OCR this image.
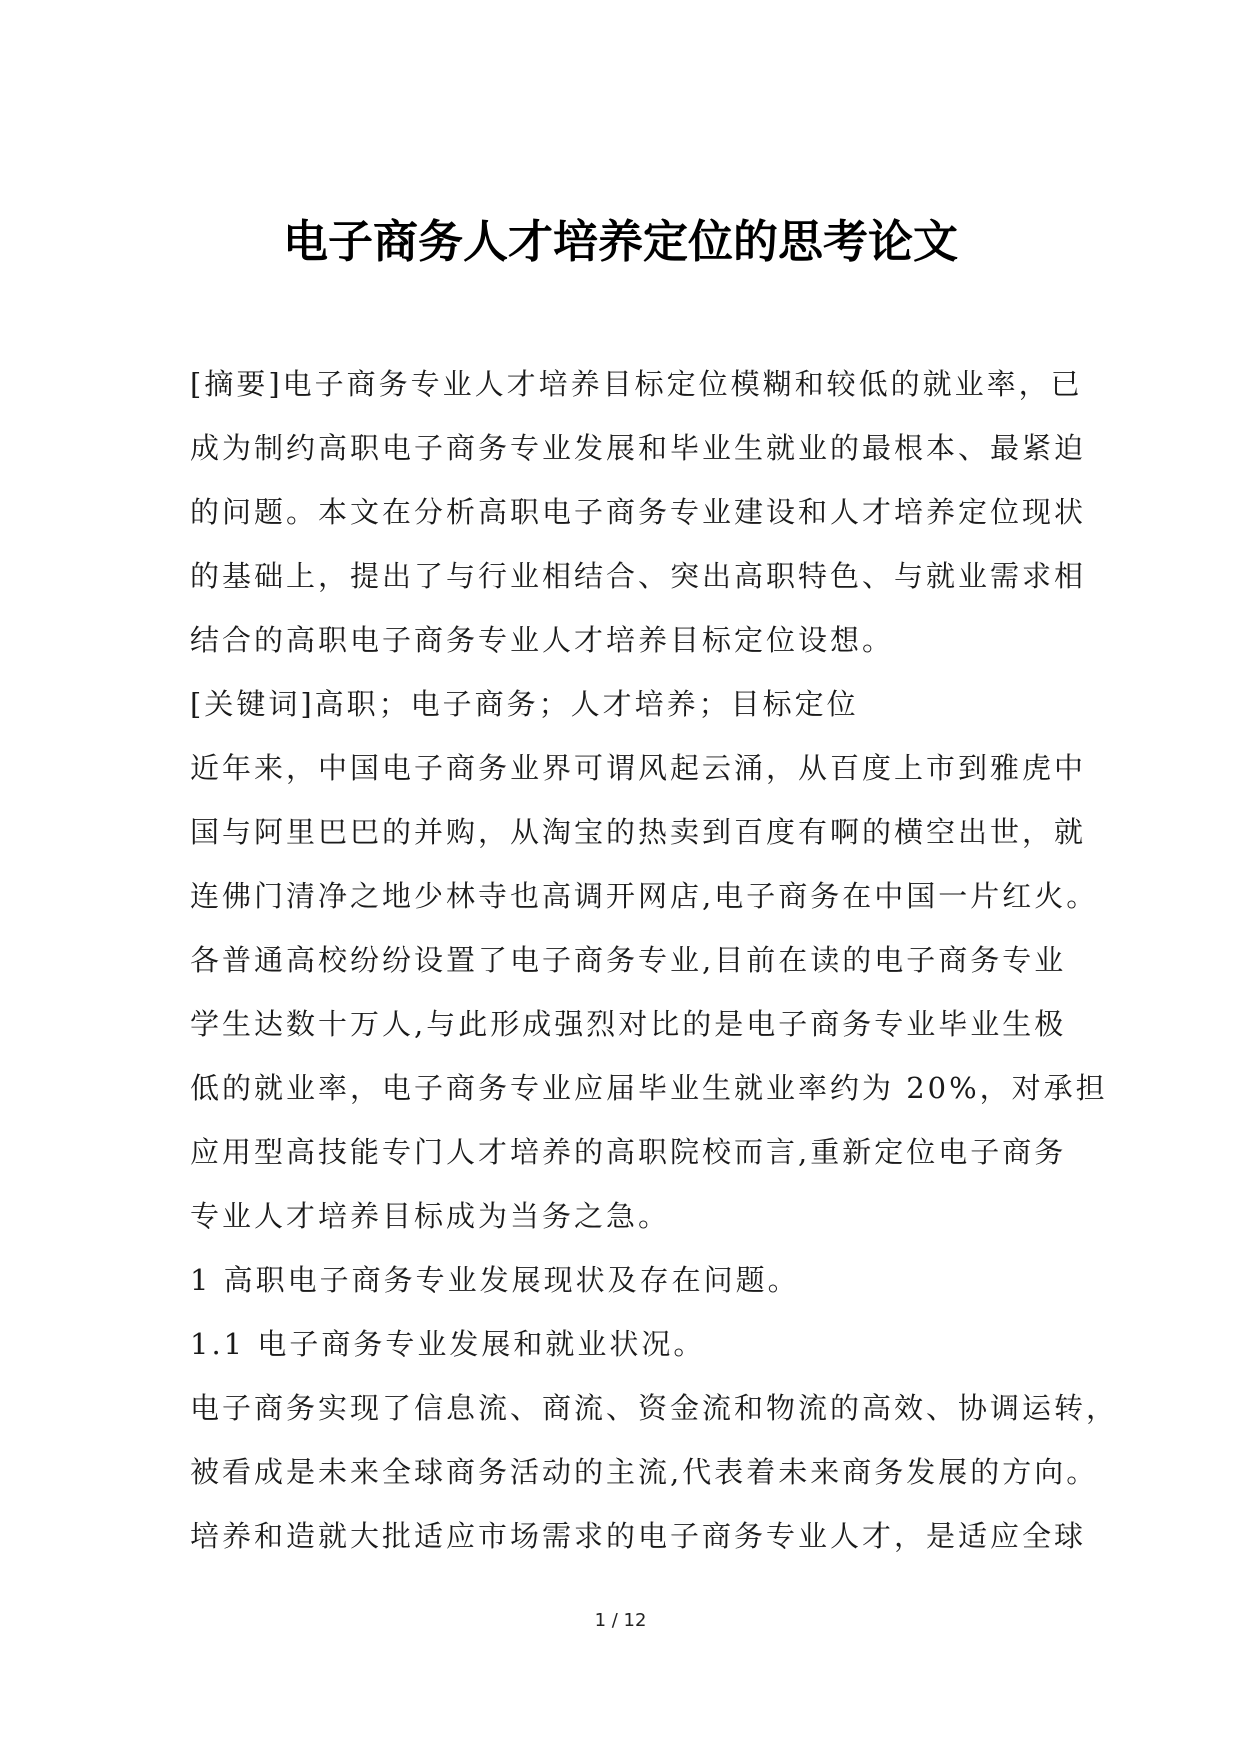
电子商务人才培养定位的思考论文

[摘要]电子商务专业人才培养目标定位模糊和较低的就业率，已
成为制约高职电子商务专业发展和毕业生就业的最根本、最紧迫
的问题。本文在分析高职电子商务专业建设和人才培养定位现状
的基础上，提出了与行业相结合、突出高职特色、与就业需求相
结合的高职电子商务专业人才培养目标定位设想。

[关键词]高职；电子商务；人才培养；目标定位

近年来，中国电子商务业界可谓风起云涌，从百度上市到雅虎中
国与阿里巴巴的并购，从淘宝的热卖到百度有啊的横空出世，就
连佛门清净之地少林寺也高调开网店,电子商务在中国一片红火。
各普通高校纷纷设置了电子商务专业,目前在读的电子商务专业
学生达数十万人,与此形成强烈对比的是电子商务专业毕业生极
低的就业率，电子商务专业应届毕业生就业率约为 20%，对承担
应用型高技能专门人才培养的高职院校而言,重新定位电子商务
专业人才培养目标成为当务之急。

1 高职电子商务专业发展现状及存在问题。

1.1 电子商务专业发展和就业状况。

电子商务实现了信息流、商流、资金流和物流的高效、协调运转，
被看成是未来全球商务活动的主流,代表着未来商务发展的方向。
培养和造就大批适应市场需求的电子商务专业人才，是适应全球

1 / 12
